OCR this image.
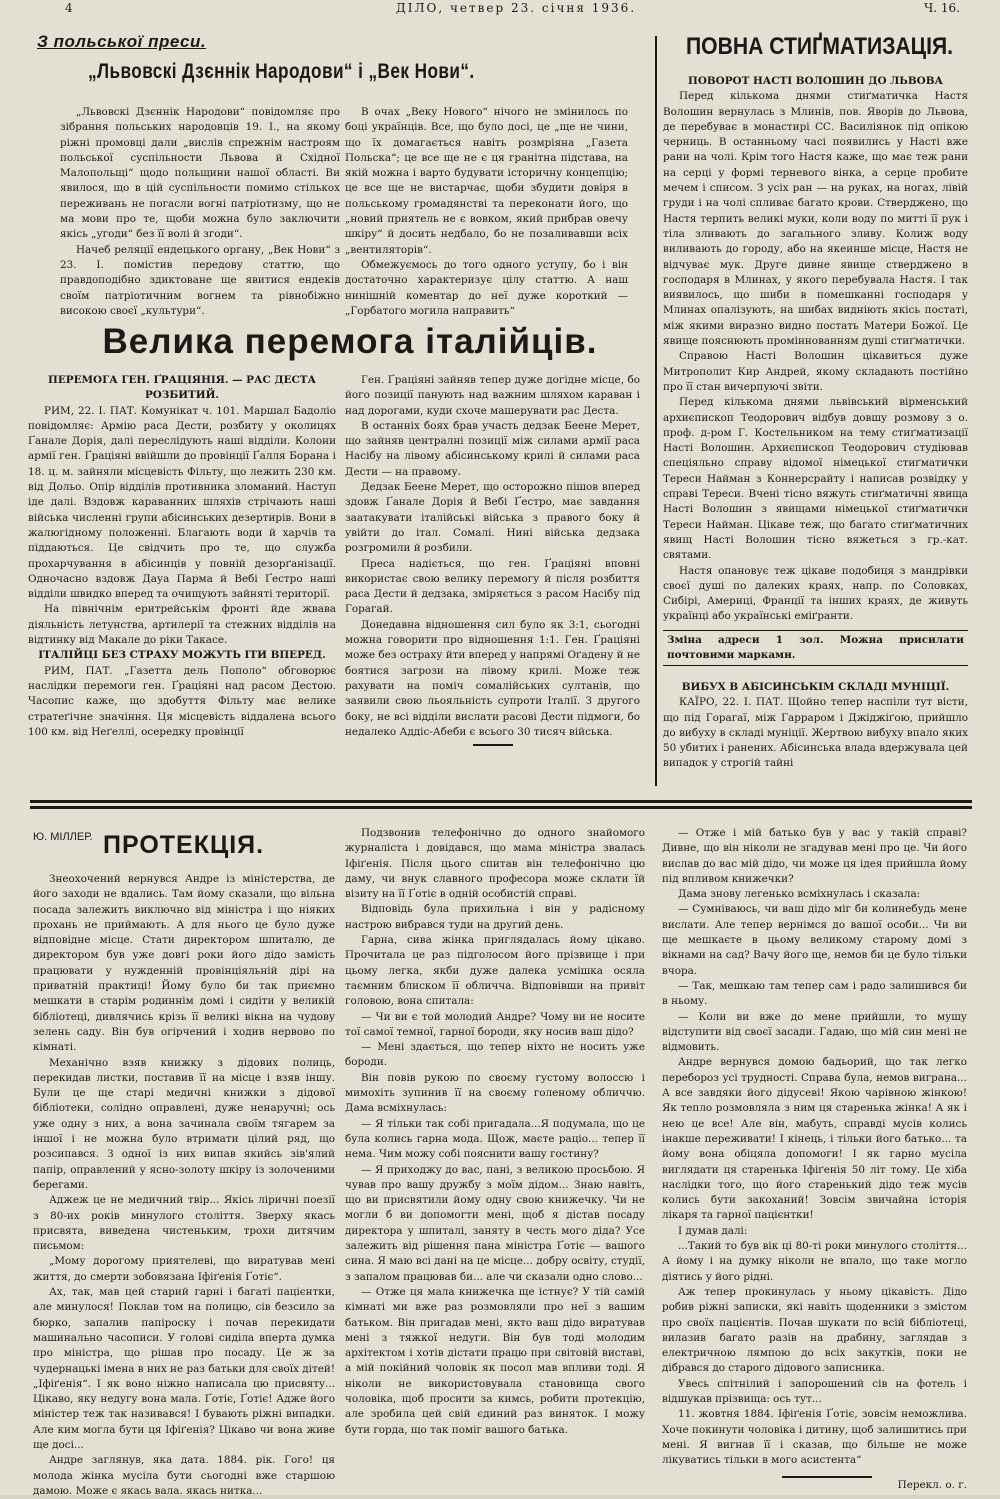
4	ДІЛО, четвер 23. січня 1936.	Ч. 16.
З польської преси.
„Львовскі Дзєннік Народови“ і „Век Нови“.

„Львовскі Дзєннік Народови“ повідомляє про зібрання польських народовців 19. І., на якому ріжні промовці дали „вислів спрежнім настроям польської суспільности Львова й Східної Малопольщі“ щодо польщини нашої області. Ви явилося, що в цій суспільности помимо стількох переживань не погасли вогні патріотизму, що не ма мови про те, щоби можна було заключити якісь „угоди“ без її волі й згоди“.

Начеб реляції ендецького органу, „Век Нови“ з 23. І. помістив передову статтю, що правдоподібно здиктоване ще явитися ендеків своїм патріотичним вогнем та рівнобіжно високою своєї „культури“.

В очах „Веку Нового“ нічого не змінилось по боці українців. Все, що було досі, це „ще не чини, що їх домагається навіть розмріяна „Газета Польска“; це все ще не є ця гранітна підстава, на якій можна і варто будувати історичну концепцію; це все ще не вистарчає, щоби збудити довіря в польському громадянстві та переконати його, що „новий приятель не є вовком, який прибрав овечу шкіру“ й досить недбало, бо не позаливавши всіх „вентиляторів“.

Обмежуємось до того одного уступу, бо і він достаточно характеризує цілу статтю. А наш нинішній коментар до нeї дуже короткий — „Горбатого могила направить“

Велика перемога італійців.

ПЕРЕМОГА ГЕН. ҐРАЦІЯНІЯ. — РАС ДЕСТА РОЗБИТИЙ.

РИМ, 22. І. ПАТ. Комунікат ч. 101. Маршал Бадоліо повідомляє: Армію раса Дести, розбиту у околицях Ґанале Дорія, далі переслідують наші відділи. Колони армії ген. Ґраціяні ввійшли до провінції Ґалля Борана і 18. ц. м. зайняли місцевість Фільту, що лежить 230 км. від Дольо. Опір відділів противника зломаний. Наступ іде далі. Вздовж караванних шляхів стрічають наші війська численні групи абісинських дезертирів. Вони в жалюгідному положенні. Благають води й харчів та піддаються. Це свідчить про те, що служба прохарчування в абісинців у повній дезорґанізації. Одночасно вздовж Дауа Парма й Вебі Ґестро наші відділи швидко вперед та очищують зайняті території.

На північнім еритрейськім фронті йде жвава діяльність летунства, артилерії та стежних відділів на відтинку від Макале до ріки Такасе.

ІТАЛІЙЦІ БЕЗ СТРАХУ МОЖУТЬ ІТИ ВПЕРЕД.

РИМ, ПАТ. „Газетта дель Пополо“ обговорює наслідки перемоги ген. Ґраціяні над расом Дестою. Часопис каже, що здобуття Фільту має велике стратеґічне значіння. Ця місцевість віддалена всього 100 км. від Неґеллі, осередку провінції

Ген. Ґраціяні зайняв тепер дуже догідне місце, бо його позиції панують над важним шляхом караван і над дорогами, куди схоче машерувати рас Деста.

В останніх боях брав участь дедзак Беене Мерет, що зайняв централні позиції між силами армії раса Насібу на лівому абісинському крилі й силами раса Дести — на правому.

Дедзак Беене Мерет, що осторожно пішов вперед здовж Ґанале Дорія й Вебі Ґестро, має завдання заатакувати італійські війська з правого боку й увійти до італ. Сомалі. Нині війська дедзака розгромили й розбили.

Преса надіється, що ген. Ґраціяні вповні використає свою велику перемогу й після розбиття раса Дести й дедзака, зміряється з расом Насібу під Горагай.

Донедавна відношення сил було як 3:1, сьогодні можна говорити про відношення 1:1. Ген. Ґраціяні може без остраху йти вперед у напрямі Оґадену й не боятися загрози на лівому крилі. Може теж рахувати на поміч сомалійських султанів, що заявили свою льояльність супроти Італії. З другого боку, не всі відділи вислати расові Дести підмоги, бо недалеко Аддіс-Абеби є всього 30 тисяч війська.

ПОВНА СТИҐМАТИЗАЦІЯ.

ПОВОРОТ НАСТІ ВОЛОШИН ДО ЛЬВОВА

Перед кількома днями стиґматичка Настя Волошин вернулась з Млинів, пов. Яворів до Львова, де перебуває в монастирі СС. Василіянок під опікою черниць. В останньому часі появились у Насті вже рани на чолі. Крім того Настя каже, що має теж рани на серці у формі терневого вінка, а серце пробите мечем і списом. З усіх ран — на руках, на ногах, лівій груди і на чолі спливає багато крови. Стверджено, що Настя терпить великі муки, коли воду по митті її рук і тіла зливають до загального зливу. Колиж воду виливають до городу, або на якеинше місце, Настя не відчуває мук. Друге дивне явище стверджено в господаря в Млинах, у якого перебувала Настя. І так виявилось, що шиби в помешканні господаря у Млинах опалізують, на шибах видніють якісь постаті, між якими виразно видно постать Матери Божої. Це явище пояснюють проміннованням душі стиґматички.

Справою Насті Волошин цікавиться дуже Митрополит Кир Андрей, якому складають постійно про її стан вичерпуючі звіти.

Перед кількома днями львівський вірменський архиєпископ Теодорович відбув довшу розмову з о. проф. д-ром Г. Костельником на тему стиґматизації Насті Волошин. Архиєпископ Теодорович студіював спеціяльно справу відомої німецької стиґматички Тереси Найман з Коннерсрайту і написав розвідку у справі Тереси. Вчені тісно вяжуть стиґматичні явища Насті Волошин з явищами німецької стиґматички Тереси Найман. Цікаве теж, що багато стиґматичних явищ Насті Волошин тісно вяжеться з гр.-кат. святами.

Настя опановує теж цікаве подобиця з мандрівки своєї душі по далеких краях, напр. по Соловках, Сибірі, Америці, Франції та інших краях, де живуть українці або українські еміґранти.

Зміна адреси 1 зол. Можна присилати почтовими марками.

ВИБУХ В АБІСИНСЬКІМ СКЛАДІ МУНІЦІЇ.

КАЇРО, 22. І. ПАТ. Щойно тепер наспіли тут вісти, що під Горагаї, між Гарраром і Джіджіґою, прийшло до вибуху в складі муніції. Жертвою вибуху впало яких 50 убитих і ранених. Абісинська влада вдержувала цей випадок у строгій тайні

Ю. МІЛЛЕР. ПРОТЕКЦІЯ.

Знеохочений вернувся Андре із міністерства, де його заходи не вдались. Там йому сказали, що вільна посада залежить виключно від міністра і що ніяких прохань не приймають. А для нього це було дуже відповідне місце. Стати директором шпиталю, де директором був уже довгі роки його дідо замість працювати у нужденній провінціяльній дірі на приватній практиці! Йому було би так приємно мешкати в старім родиннім домі і сидіти у великій бібліотеці, дивлячись крізь її великі вікна на чудову зелень саду. Він був огірчений і ходив нервово по кімнаті.

Механічно взяв книжку з дідових полиць, перекидав листки, поставив її на місце і взяв іншу. Були це ще старі медичні книжки з дідової бібліотеки, солідно оправлені, дуже ненаручні; ось уже одну з них, а вона зачинала своїм тягарем за іншої і не можна було втримати цілий ряд, що розсипався. З одної із них випав якийсь зів'ялий папір, оправлений у ясно-золоту шкіру із золоченими берегами.

Аджеж це не медичний твір... Якісь ліричні поезії з 80-их років минулого століття. Зверху якась присвята, виведена чистеньким, трохи дитячим письмом:

„Мому дорогому приятелеві, що виратував мені життя, до смерти зобовязана Іфіґенія Ґотіє“.

Ах, так, мав цей старий гарні і багаті пацієнтки, але минулося! Поклав том на полицю, сів безсило за бюрко, запалив папіроску і почав перекидати машинально часописи. У голові сиділа вперта думка про міністра, що рішав про посаду. Це ж за чудернацькі імена в них не раз батьки для своїх дітей! „Іфіґенія“. І як воно ніжно написала цю присвяту... Цікаво, яку недугу вона мала. Ґотіє, Ґотіє! Адже його міністер теж так називався! І бувають ріжні випадки. Але ким могла бути ця Іфіґенія? Цікаво чи вона живе ще досі...

Андре заглянув, яка дата. 1884. рік. Гого! ця молода жінка мусіла бути сьогодні вже старшою дамою. Може є якась вала. якась нитка...

Подзвонив телефонічно до одного знайомого журналіста і довідався, що мама міністра звалась Іфіґенія. Після цього спитав він телефонічно цю даму, чи внук славного професора може склати їй візиту на її Ґотіє в одній особистій справі.

Відповідь була прихильна і він у радісному настрою вибрався туди на другий день.

Гарна, сива жінка приглядалась йому цікаво. Прочитала це раз підголосом його прізвище і при цьому легка, якби дуже далека усмішка осяла таємним блиском її обличча. Відповівши на привіт головою, вона спитала:

— Чи ви є той молодий Андре? Чому ви не носите тої самої темної, гарної бороди, яку носив ваш дідо?

— Мені здається, що тепер ніхто не носить уже бороди.

Він повів рукою по своєму густому волоссю і мимохіть зупинив її на своєму голеному обличчю. Дама всміхнулась:

— Я тільки так собі пригадала...Я подумала, що це була колись гарна мода. Щож, маєте раціо... тепер її нема. Чим можу собі пояснити вашу гостину?

— Я приходжу до вас, пані, з великою просьбою. Я чував про вашу дружбу з моїм дідом... Знаю навіть, що ви присвятили йому одну свою книжечку. Чи не могли б ви допомогти мені, щоб я дістав посаду директора у шпиталі, заняту в честь мого діда? Усе залежить від рішення пана міністра Ґотіє — вашого сина. Я маю всі дані на це місце... добру освіту, студії, з запалом працював би... але чи сказали одно слово...

— Отже ця мала книжечка ще істнує? У тій самій кімнаті ми вже раз розмовляли про неї з вашим батьком. Він пригадав мені, якто ваш дідо виратував мені з тяжкої недуги. Він був тоді молодим архітектом і хотів дістати працю при світовій виставі, а мій покійний чоловік як посол мав впливи тоді. Я ніколи не використовувала становища свого чоловіка, щоб просити за кимсь, робити протекцію, але зробила цей свій єдиний раз виняток. І можу бути горда, що так поміг вашого батька.

— Отже і мій батько був у вас у такій справі? Дивне, що він ніколи не згадував мені про це. Чи його вислав до вас мій дідо, чи може ця ідея прийшла йому під впливом книжечки?

Дама знову легенько всміхнулась і сказала:

— Сумніваюсь, чи ваш дідо міг би колинебудь мене вислати. Але тепер вернімся до вашої особи... Чи ви ще мешкаєте в цьому великому старому домі з вікнами на сад? Вачу його ще, немов би це було тільки вчора.

— Так, мешкаю там тепер сам і радо залишився би в ньому.

— Коли ви вже до мене прийшли, то мушу відступити від своєї засади. Гадаю, що мій син мені не відмовить.

Андре вернувся домою бадьорий, що так легко перебороз усі трудності. Справа була, немов виграна... А все завдяки його дідусеві! Якою чарівною жінкою! Як тепло розмовляла з ним ця старенька жінка! А як і нею це все! Але він, мабуть, справді мусів колись інакше переживати! І кінець, і тільки його батько... та йому вона обіцяла допомоги! І як гарно мусіла виглядати ця старенька Іфіґенія 50 літ тому. Це хіба наслідки того, що його старенький дідо теж мусів колись бути закоханий! Зовсім звичайна історія лікаря та гарної пацієнтки!

І думав далі:

...Такий то був вік ці 80-ті роки минулого століття... А йому і на думку ніколи не впало, що таке могло діятись у його рідні.

Аж тепер прокинулась у ньому цікавість. Дідо робив ріжні записки, які навіть щоденники з змістом про своїх пацієнтів. Почав шукати по всій бібліотеці, вилазив багато разів на драбину, заглядав з електричною лямпою до всіх закутків, поки не дібрався до старого дідового записника.

Увесь спітнілий і запорошений сів на фотель і відшукав прізвища: ось тут...

11. жовтня 1884. Іфіґенія Ґотіє, зовсім неможлива. Хоче покинути чоловіка і дитину, щоб залишитись при мені. Я вигнав її і сказав, що більше не може лікуватись тільки в мого асистента“

Перекл. о. г.
